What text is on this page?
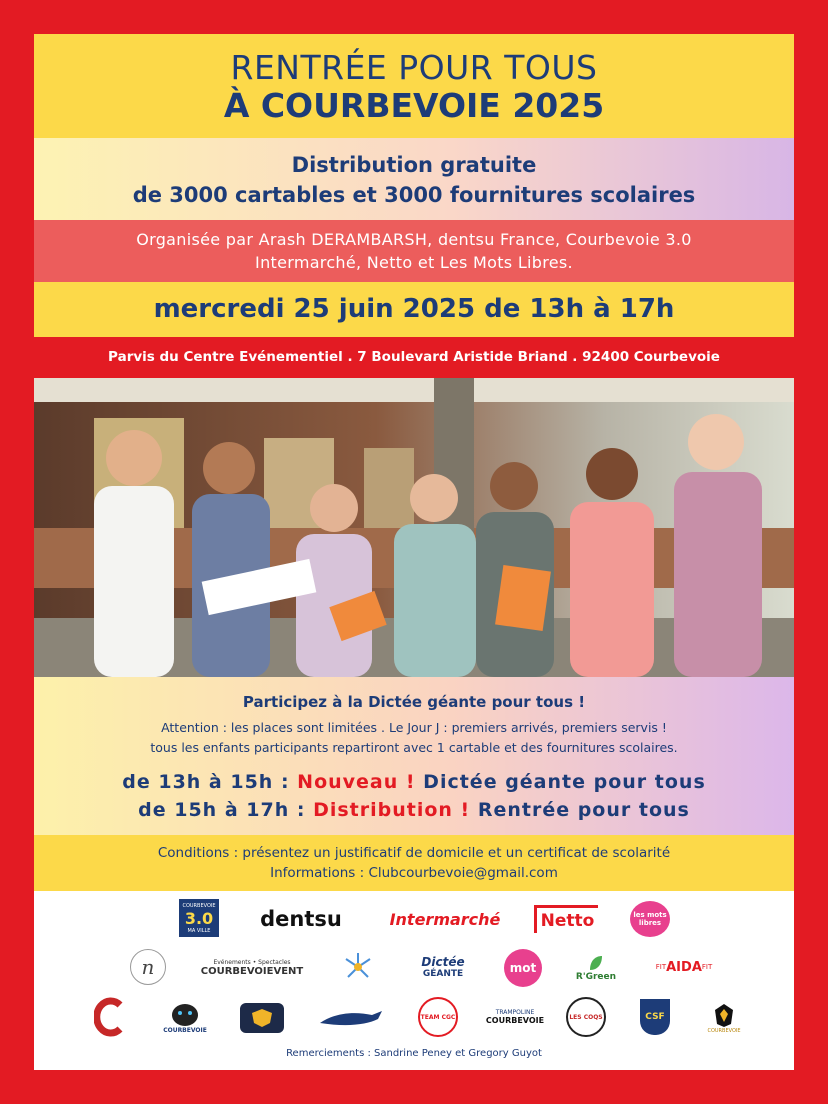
RENTRÉE POUR TOUS
À COURBEVOIE 2025
Distribution gratuite
de 3000 cartables et 3000 fournitures scolaires
Organisée par Arash DERAMBARSH, dentsu France, Courbevoie 3.0
Intermarché, Netto et Les Mots Libres.
mercredi 25 juin 2025 de 13h à 17h
Parvis du Centre Evénementiel . 7 Boulevard Aristide Briand . 92400 Courbevoie
Participez à la Dictée géante pour tous !
Attention : les places sont limitées . Le Jour J : premiers arrivés, premiers servis !
tous les enfants participants repartiront avec 1 cartable et des fournitures scolaires.
de 13h à 15h : Nouveau ! Dictée géante pour tous
de 15h à 17h : Distribution ! Rentrée pour tous
Conditions : présentez un justificatif de domicile et un certificat de scolarité
Informations : Clubcourbevoie@gmail.com
COURBEVOIE
3.0
MA VILLE dentsu	Intermarché	Netto	les mots libres
n	Evénements • Spectacles
COURBEVOIEVENT
Dictée
GÉANTE	mot
R'Green
FIT AIDA FIT
COURBEVOIE
TEAM CGC
TRAMPOLINE
COURBEVOIE	LES COQS	CSF
COURBEVOIE
Remerciements : Sandrine Peney et Gregory Guyot
